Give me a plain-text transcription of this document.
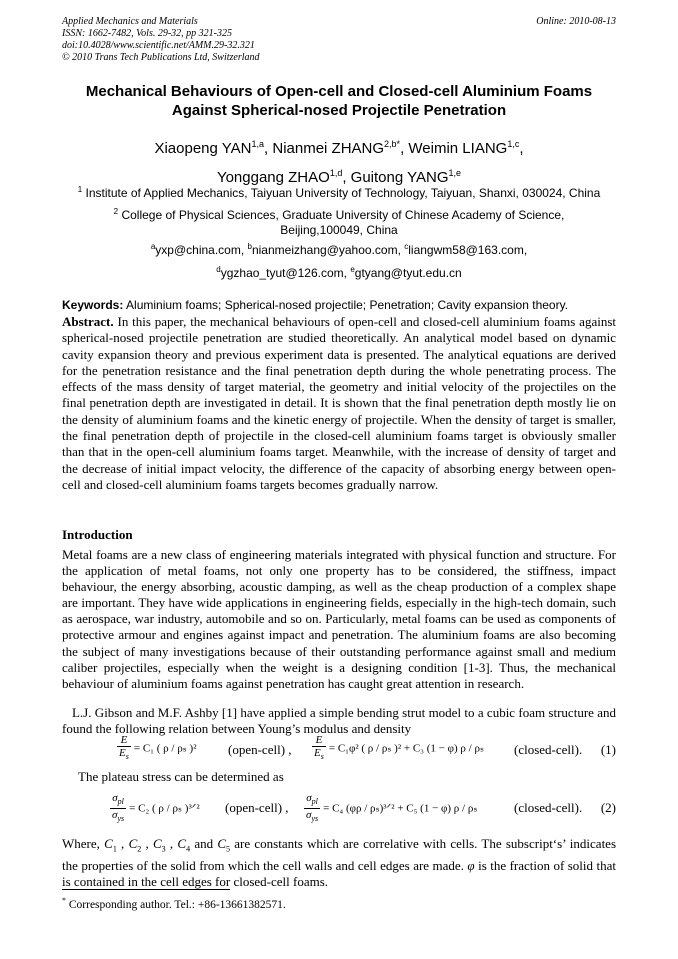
Applied Mechanics and Materials
ISSN: 1662-7482, Vols. 29-32, pp 321-325
doi:10.4028/www.scientific.net/AMM.29-32.321
© 2010 Trans Tech Publications Ltd, Switzerland
Online: 2010-08-13
Mechanical Behaviours of Open-cell and Closed-cell Aluminium Foams
Against Spherical-nosed Projectile Penetration
Xiaopeng YAN$^{1,a}$, Nianmei $ZHANG^{2,b*}$, Weimin LIANG$^{1,c}$,
Yonggang ZHAO$^{1,d}$, Guitong YANG$^{1,e}$
$^1$ Institute of Applied Mechanics, Taiyuan University of Technology, Taiyuan, Shanxi, 030024, China
$^2$ College of Physical Sciences, Graduate University of Chinese Academy of Science,
Beijing,100049, China
$^a$yxp@china.com, $^b$nianmeizhang@yahoo.com, $^c$liangwm58@163.com,
$^d$ygzhao_tyut@126.com, $^e$gtyang@tyut.edu.cn
Keywords: Aluminium foams; Spherical-nosed projectile; Penetration; Cavity expansion theory.
Abstract. In this paper, the mechanical behaviours of open-cell and closed-cell aluminium foams against spherical-nosed projectile penetration are studied theoretically. An analytical model based on dynamic cavity expansion theory and previous experiment data is presented. The analytical equations are derived for the penetration resistance and the final penetration depth during the whole penetrating process. The effects of the mass density of target material, the geometry and initial velocity of the projectiles on the final penetration depth are investigated in detail. It is shown that the final penetration depth mostly lie on the density of aluminium foams and the kinetic energy of projectile. When the density of target is smaller, the final penetration depth of projectile in the closed-cell aluminium foams target is obviously smaller than that in the open-cell aluminium foams target. Meanwhile, with the increase of density of target and the decrease of initial impact velocity, the difference of the capacity of absorbing energy between open-cell and closed-cell aluminium foams targets becomes gradually narrow.
Introduction
Metal foams are a new class of engineering materials integrated with physical function and structure. For the application of metal foams, not only one property has to be considered, the stiffness, impact behaviour, the energy absorbing, acoustic damping, as well as the cheap production of a complex shape are important. They have wide applications in engineering fields, especially in the high-tech domain, such as aerospace, war industry, automobile and so on. Particularly, metal foams can be used as components of protective armour and engines against impact and penetration. The aluminium foams are also becoming the subject of many investigations because of their outstanding performance against small and medium caliber projectiles, especially when the weight is a designing condition [1-3]. Thus, the mechanical behaviour of aluminium foams against penetration has caught great attention in research.
L.J. Gibson and M.F. Ashby [1] have applied a simple bending strut model to a cubic foam structure and found the following relation between Young’s modulus and density
$\frac{E}{E_s} = C_1$ ( ρ / ρₛ )² (open-cell) , $\frac{E}{E_s} = C_1\varphi^2$ ( ρ / ρₛ )² + C₃ (1 − φ) ρ / ρₛ (closed-cell). (1)
The plateau stress can be determined as
$\frac{\sigma_{pl}}{\sigma_{ys}} = C_2$ ( ρ / ρₛ )³ᐟ² (open-cell) , $\frac{\sigma_{pl}}{\sigma_{ys}} = C_4$ (φρ / ρₛ)³ᐟ² + C₅ (1 − φ) ρ / ρₛ	(closed-cell). (2)
Where, $C_1$ , $C_2$ , $C_3$ , $C_4$ and $C_5$ are constants which are correlative with cells. The subscript‘s’ indicates the properties of the solid from which the cell walls and cell edges are made. φ is the fraction of solid that is contained in the cell edges for closed-cell foams.
* Corresponding author. Tel.: +86-13661382571.
